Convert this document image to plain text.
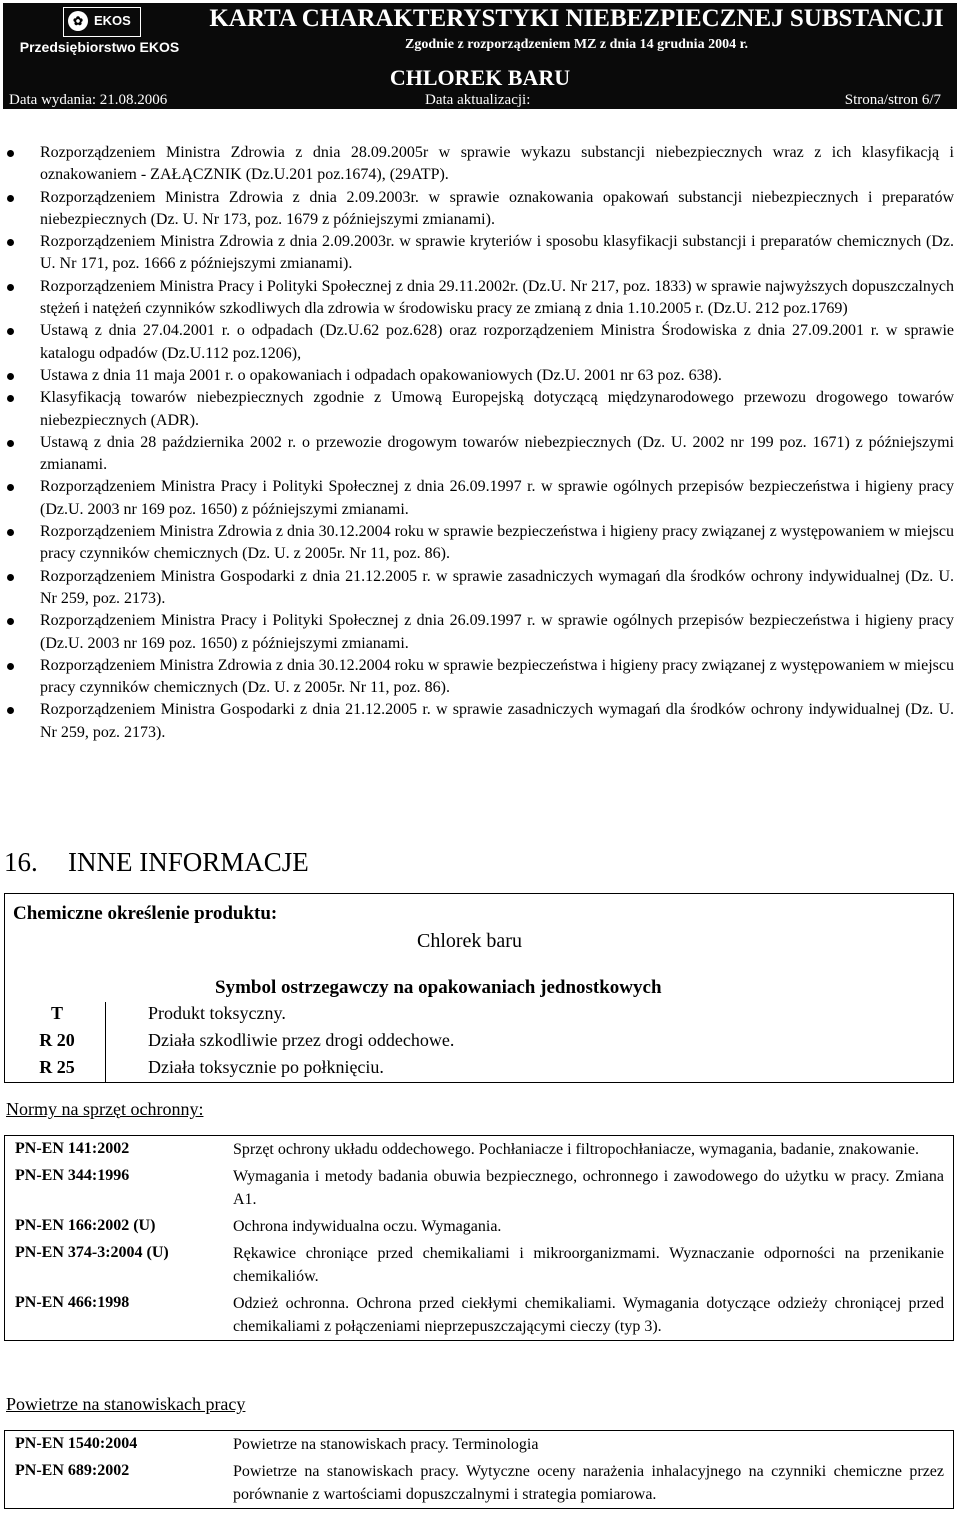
✿ EKOS
Przedsiębiorstwo EKOS
KARTA CHARAKTERYSTYKI NIEBEZPIECZNEJ SUBSTANCJI
Zgodnie z rozporządzeniem MZ z dnia 14 grudnia 2004 r.
CHLOREK BARU
Data wydania: 21.08.2006	Data aktualizacji:	Strona/stron 6/7
Rozporządzeniem Ministra Zdrowia z dnia 28.09.2005r w sprawie wykazu substancji niebezpiecznych wraz z ich klasyfikacją i oznakowaniem - ZAŁĄCZNIK (Dz.U.201 poz.1674), (29ATP).
Rozporządzeniem Ministra Zdrowia z dnia 2.09.2003r. w sprawie oznakowania opakowań substancji niebezpiecznych i preparatów niebezpiecznych (Dz. U. Nr 173, poz. 1679 z późniejszymi zmianami).
Rozporządzeniem Ministra Zdrowia z dnia 2.09.2003r. w sprawie kryteriów i sposobu klasyfikacji substancji i preparatów chemicznych (Dz. U. Nr 171, poz. 1666 z późniejszymi zmianami).
Rozporządzeniem Ministra Pracy i Polityki Społecznej z dnia 29.11.2002r. (Dz.U. Nr 217, poz. 1833) w sprawie najwyższych dopuszczalnych stężeń i natężeń czynników szkodliwych dla zdrowia w środowisku pracy ze zmianą z dnia 1.10.2005 r. (Dz.U. 212 poz.1769)
Ustawą z dnia 27.04.2001 r. o odpadach (Dz.U.62 poz.628) oraz rozporządzeniem Ministra Środowiska z dnia 27.09.2001 r. w sprawie katalogu odpadów (Dz.U.112 poz.1206),
Ustawa z dnia 11 maja 2001 r. o opakowaniach i odpadach opakowaniowych (Dz.U. 2001 nr 63 poz. 638).
Klasyfikacją towarów niebezpiecznych zgodnie z Umową Europejską dotyczącą międzynarodowego przewozu drogowego towarów niebezpiecznych (ADR).
Ustawą z dnia 28 października 2002 r. o przewozie drogowym towarów niebezpiecznych (Dz. U. 2002 nr 199 poz. 1671) z późniejszymi zmianami.
Rozporządzeniem Ministra Pracy i Polityki Społecznej z dnia 26.09.1997 r. w sprawie ogólnych przepisów bezpieczeństwa i higieny pracy (Dz.U. 2003 nr 169 poz. 1650) z późniejszymi zmianami.
Rozporządzeniem Ministra Zdrowia z dnia 30.12.2004 roku w sprawie bezpieczeństwa i higieny pracy związanej z występowaniem w miejscu pracy czynników chemicznych (Dz. U. z 2005r. Nr 11, poz. 86).
Rozporządzeniem Ministra Gospodarki z dnia 21.12.2005 r. w sprawie zasadniczych wymagań dla środków ochrony indywidualnej (Dz. U. Nr 259, poz. 2173).
Rozporządzeniem Ministra Pracy i Polityki Społecznej z dnia 26.09.1997 r. w sprawie ogólnych przepisów bezpieczeństwa i higieny pracy (Dz.U. 2003 nr 169 poz. 1650) z późniejszymi zmianami.
Rozporządzeniem Ministra Zdrowia z dnia 30.12.2004 roku w sprawie bezpieczeństwa i higieny pracy związanej z występowaniem w miejscu pracy czynników chemicznych (Dz. U. z 2005r. Nr 11, poz. 86).
Rozporządzeniem Ministra Gospodarki z dnia 21.12.2005 r. w sprawie zasadniczych wymagań dla środków ochrony indywidualnej (Dz. U. Nr 259, poz. 2173).
16. INNE INFORMACJE
Chemiczne określenie produktu:
Chlorek baru
Symbol ostrzegawczy na opakowaniach jednostkowych
T	Produkt toksyczny.
R 20	Działa szkodliwie przez drogi oddechowe.
R 25	Działa toksycznie po połknięciu.
Normy na sprzęt ochronny:
PN-EN 141:2002	Sprzęt ochrony układu oddechowego. Pochłaniacze i filtropochłaniacze, wymagania, badanie, znakowanie.
PN-EN 344:1996	Wymagania i metody badania obuwia bezpiecznego, ochronnego i zawodowego do użytku w pracy. Zmiana A1.
PN-EN 166:2002 (U)	Ochrona indywidualna oczu. Wymagania.
PN-EN 374-3:2004 (U)	Rękawice chroniące przed chemikaliami i mikroorganizmami. Wyznaczanie odporności na przenikanie chemikaliów.
PN-EN 466:1998	Odzież ochronna. Ochrona przed ciekłymi chemikaliami. Wymagania dotyczące odzieży chroniącej przed chemikaliami z połączeniami nieprzepuszczającymi cieczy (typ 3).
Powietrze na stanowiskach pracy
PN-EN 1540:2004	Powietrze na stanowiskach pracy. Terminologia
PN-EN 689:2002	Powietrze na stanowiskach pracy. Wytyczne oceny narażenia inhalacyjnego na czynniki chemiczne przez porównanie z wartościami dopuszczalnymi i strategia pomiarowa.
